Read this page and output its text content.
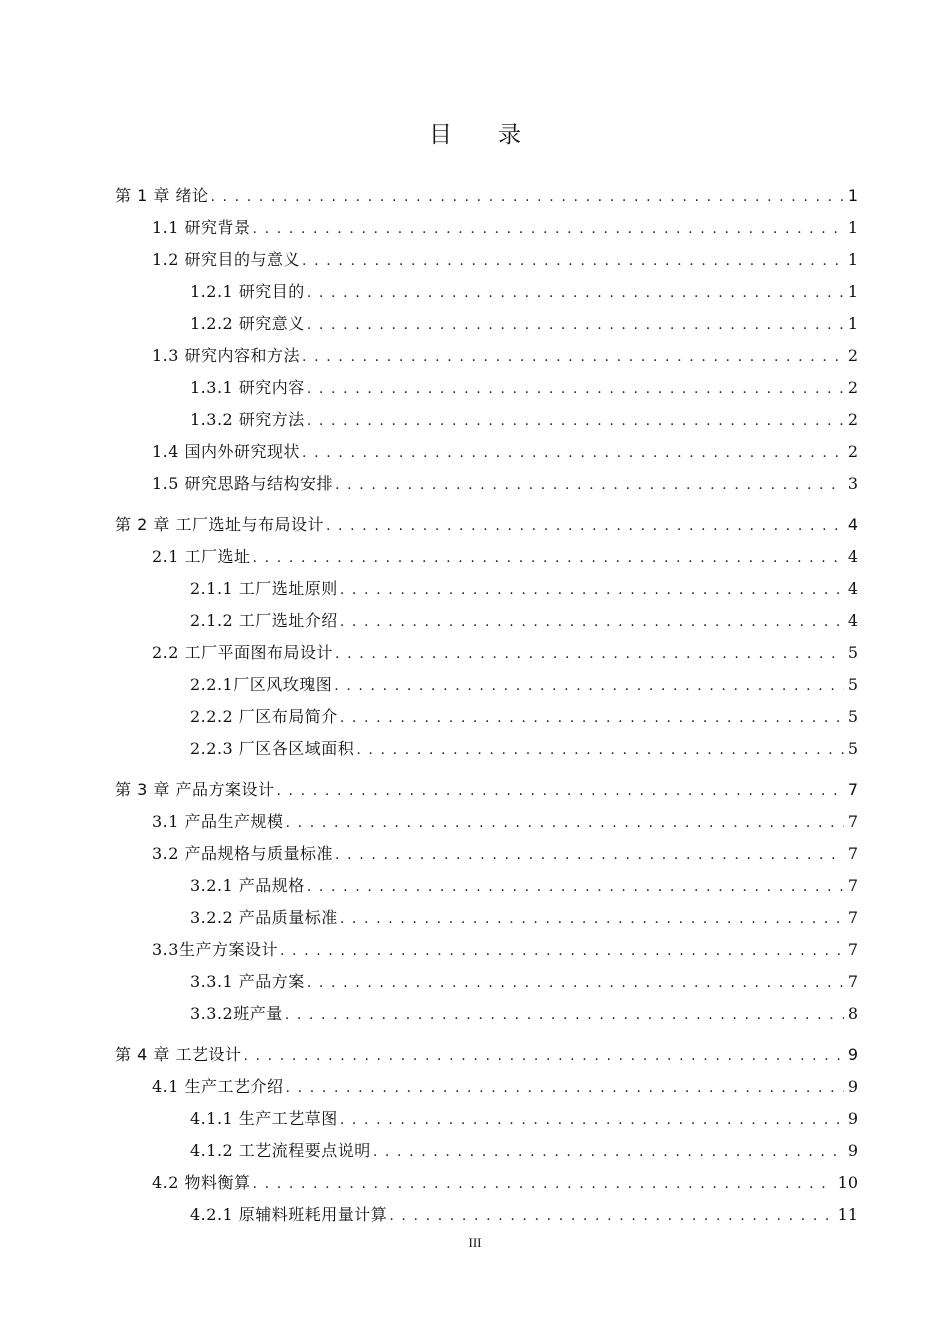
目 录
第 1 章 绪论 . . .	1
1.1 研究背景 . . .	1
1.2 研究目的与意义 . . .	1
1.2.1 研究目的 . . .	1
1.2.2 研究意义 . . .	1
1.3 研究内容和方法 . . .	2
1.3.1 研究内容 . . .	2
1.3.2 研究方法 . . .	2
1.4 国内外研究现状 . . .	2
1.5 研究思路与结构安排 . . .	3
第 2 章 工厂选址与布局设计 . . .	4
2.1 工厂选址 . . .	4
2.1.1 工厂选址原则 . . .	4
2.1.2 工厂选址介绍 . . .	4
2.2 工厂平面图布局设计 . . .	5
2.2.1厂区风玫瑰图 . . .	5
2.2.2 厂区布局简介 . . .	5
2.2.3 厂区各区域面积 . . .	5
第 3 章 产品方案设计 . . .	7
3.1 产品生产规模 . . .	7
3.2 产品规格与质量标准 . . .	7
3.2.1 产品规格 . . .	7
3.2.2 产品质量标准 . . .	7
3.3生产方案设计 . . .	7
3.3.1 产品方案 . . .	7
3.3.2班产量 . . .	8
第 4 章 工艺设计 . . .	9
4.1 生产工艺介绍 . . .	9
4.1.1 生产工艺草图 . . .	9
4.1.2 工艺流程要点说明 . . .	9
4.2 物料衡算 . . .	10
4.2.1 原辅料班耗用量计算 . . .	11
III
